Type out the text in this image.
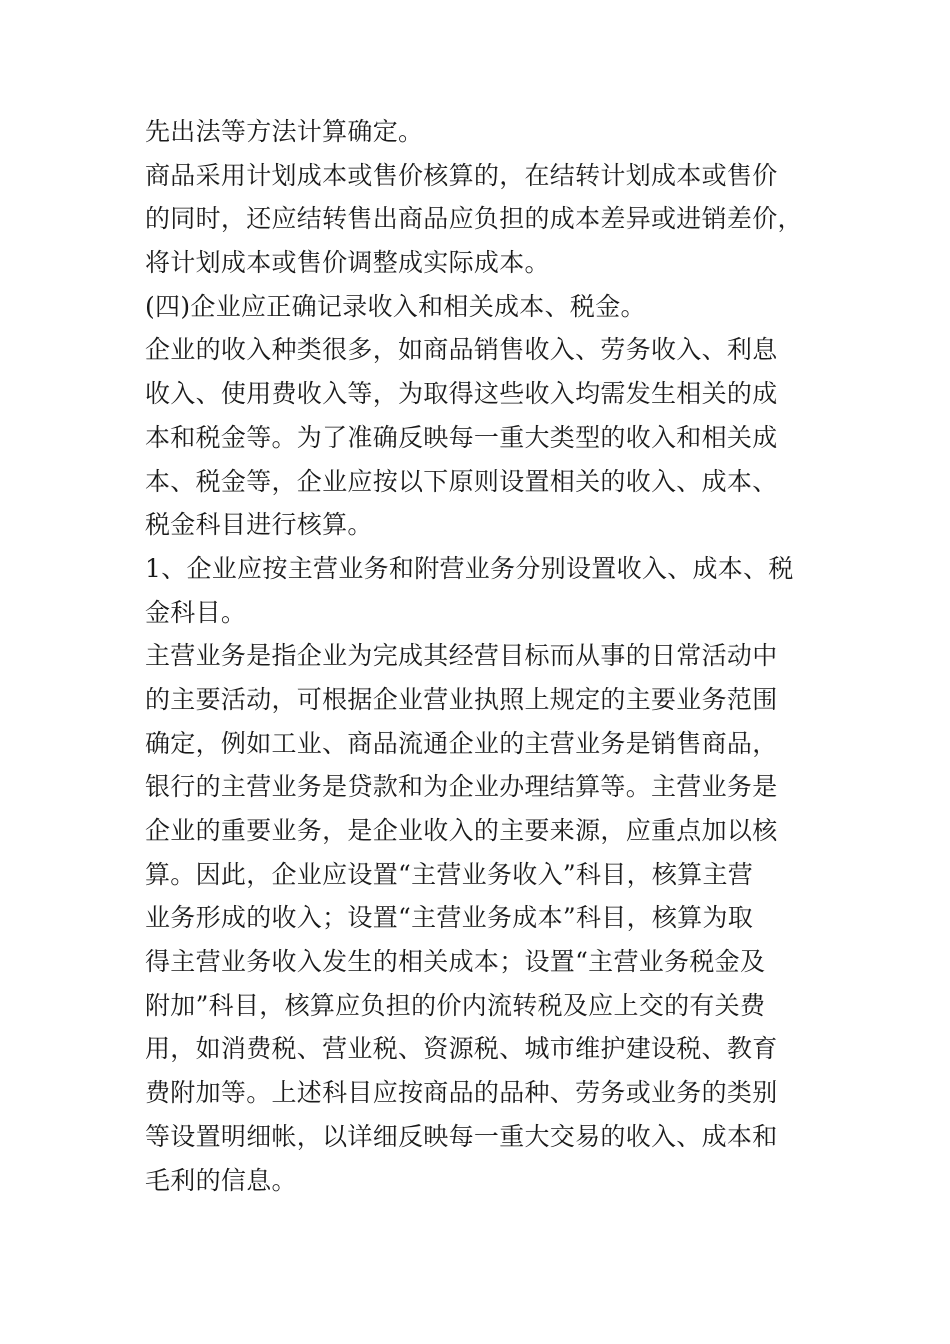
先出法等方法计算确定。
商品采用计划成本或售价核算的，在结转计划成本或售价
的同时，还应结转售出商品应负担的成本差异或进销差价，
将计划成本或售价调整成实际成本。
(四)企业应正确记录收入和相关成本、税金。
企业的收入种类很多，如商品销售收入、劳务收入、利息
收入、使用费收入等，为取得这些收入均需发生相关的成
本和税金等。为了准确反映每一重大类型的收入和相关成
本、税金等，企业应按以下原则设置相关的收入、成本、
税金科目进行核算。
1、企业应按主营业务和附营业务分别设置收入、成本、税
金科目。
主营业务是指企业为完成其经营目标而从事的日常活动中
的主要活动，可根据企业营业执照上规定的主要业务范围
确定，例如工业、商品流通企业的主营业务是销售商品，
银行的主营业务是贷款和为企业办理结算等。主营业务是
企业的重要业务，是企业收入的主要来源，应重点加以核
算。因此，企业应设置“主营业务收入”科目，核算主营
业务形成的收入；设置“主营业务成本”科目，核算为取
得主营业务收入发生的相关成本；设置“主营业务税金及
附加”科目，核算应负担的价内流转税及应上交的有关费
用，如消费税、营业税、资源税、城市维护建设税、教育
费附加等。上述科目应按商品的品种、劳务或业务的类别
等设置明细帐，以详细反映每一重大交易的收入、成本和
毛利的信息。
